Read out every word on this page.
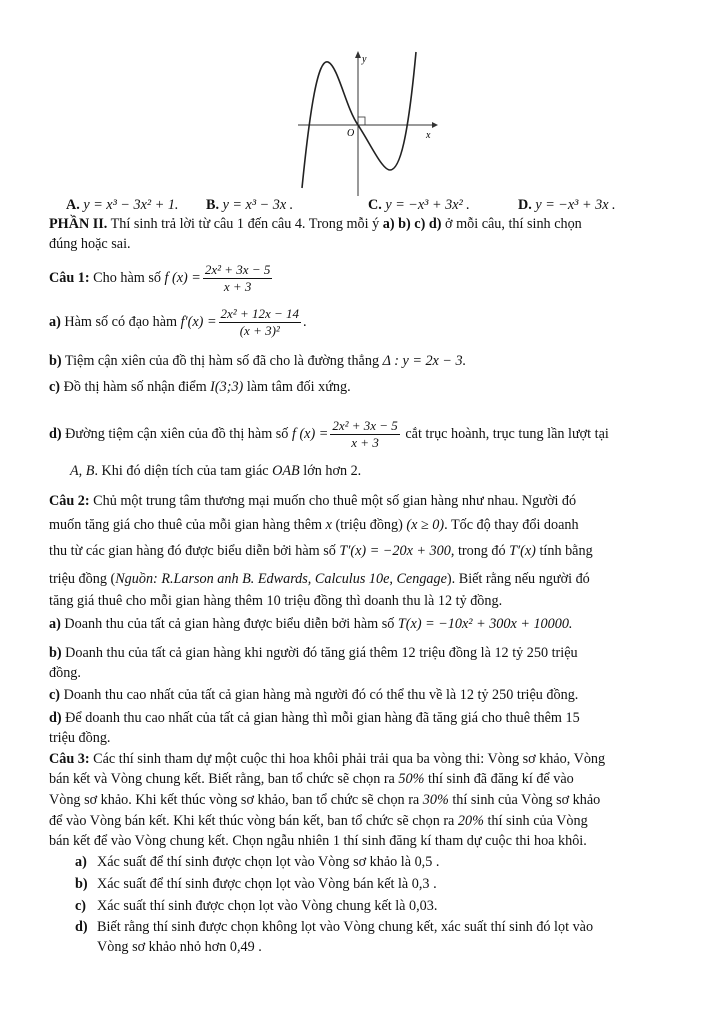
O	x
y
A. y = x³ − 3x² + 1. B. y = x³ − 3x .	C. y = −x³ + 3x² .	D. y = −x³ + 3x .
PHẦN II. Thí sinh trả lời từ câu 1 đến câu 4. Trong mỗi ý a) b) c) d) ở mỗi câu, thí sinh chọn
đúng hoặc sai.
Câu 1: Cho hàm số f $(x) = \frac{\text{2x² + 3x − 5}}{x + 3}$
a) Hàm số có đạo hàm $f'(x) = \frac{\text{2x² + 12x − 14}}{\text{(x + 3)²}}$ .
b) Tiệm cận xiên của đồ thị hàm số đã cho là đường thẳng Δ : y = 2x − 3.
c) Đồ thị hàm số nhận điểm I(3;3) làm tâm đối xứng.
d) Đường tiệm cận xiên của đồ thị hàm số f $(x) = \frac{\text{2x² + 3x − 5}}{x + 3}$ cắt trục hoành, trục tung lần lượt tại
A, B. Khi đó diện tích của tam giác OAB lớn hơn 2.
Câu 2: Chủ một trung tâm thương mại muốn cho thuê một số gian hàng như nhau. Người đó
muốn tăng giá cho thuê của mỗi gian hàng thêm x (triệu đồng) (x ≥ 0). Tốc độ thay đổi doanh
thu từ các gian hàng đó được biểu diễn bởi hàm số T′(x) = −20x + 300, trong đó T′(x) tính bằng
triệu đồng (Nguồn: R.Larson anh B. Edwards, Calculus 10e, Cengage). Biết rằng nếu người đó
tăng giá thuê cho mỗi gian hàng thêm 10 triệu đồng thì doanh thu là 12 tỷ đồng.
a) Doanh thu của tất cả gian hàng được biểu diễn bởi hàm số T(x) = −10x² + 300x + 10000.
b) Doanh thu của tất cả gian hàng khi người đó tăng giá thêm 12 triệu đồng là 12 tỷ 250 triệu
đồng.
c) Doanh thu cao nhất của tất cả gian hàng mà người đó có thể thu về là 12 tỷ 250 triệu đồng.
d) Để doanh thu cao nhất của tất cả gian hàng thì mỗi gian hàng đã tăng giá cho thuê thêm 15
triệu đồng.
Câu 3: Các thí sinh tham dự một cuộc thi hoa khôi phải trải qua ba vòng thi: Vòng sơ khảo, Vòng
bán kết và Vòng chung kết. Biết rằng, ban tổ chức sẽ chọn ra 50% thí sinh đã đăng kí để vào
Vòng sơ khảo. Khi kết thúc vòng sơ khảo, ban tổ chức sẽ chọn ra 30% thí sinh của Vòng sơ khảo
để vào Vòng bán kết. Khi kết thúc vòng bán kết, ban tổ chức sẽ chọn ra 20% thí sinh của Vòng
bán kết để vào Vòng chung kết. Chọn ngẫu nhiên 1 thí sinh đăng kí tham dự cuộc thi hoa khôi.
a) Xác suất để thí sinh được chọn lọt vào Vòng sơ khảo là 0,5 .
b) Xác suất để thí sinh được chọn lọt vào Vòng bán kết là 0,3 .
c) Xác suất thí sinh được chọn lọt vào Vòng chung kết là 0,03.
d) Biết rằng thí sinh được chọn không lọt vào Vòng chung kết, xác suất thí sinh đó lọt vào
Vòng sơ khảo nhỏ hơn 0,49 .
